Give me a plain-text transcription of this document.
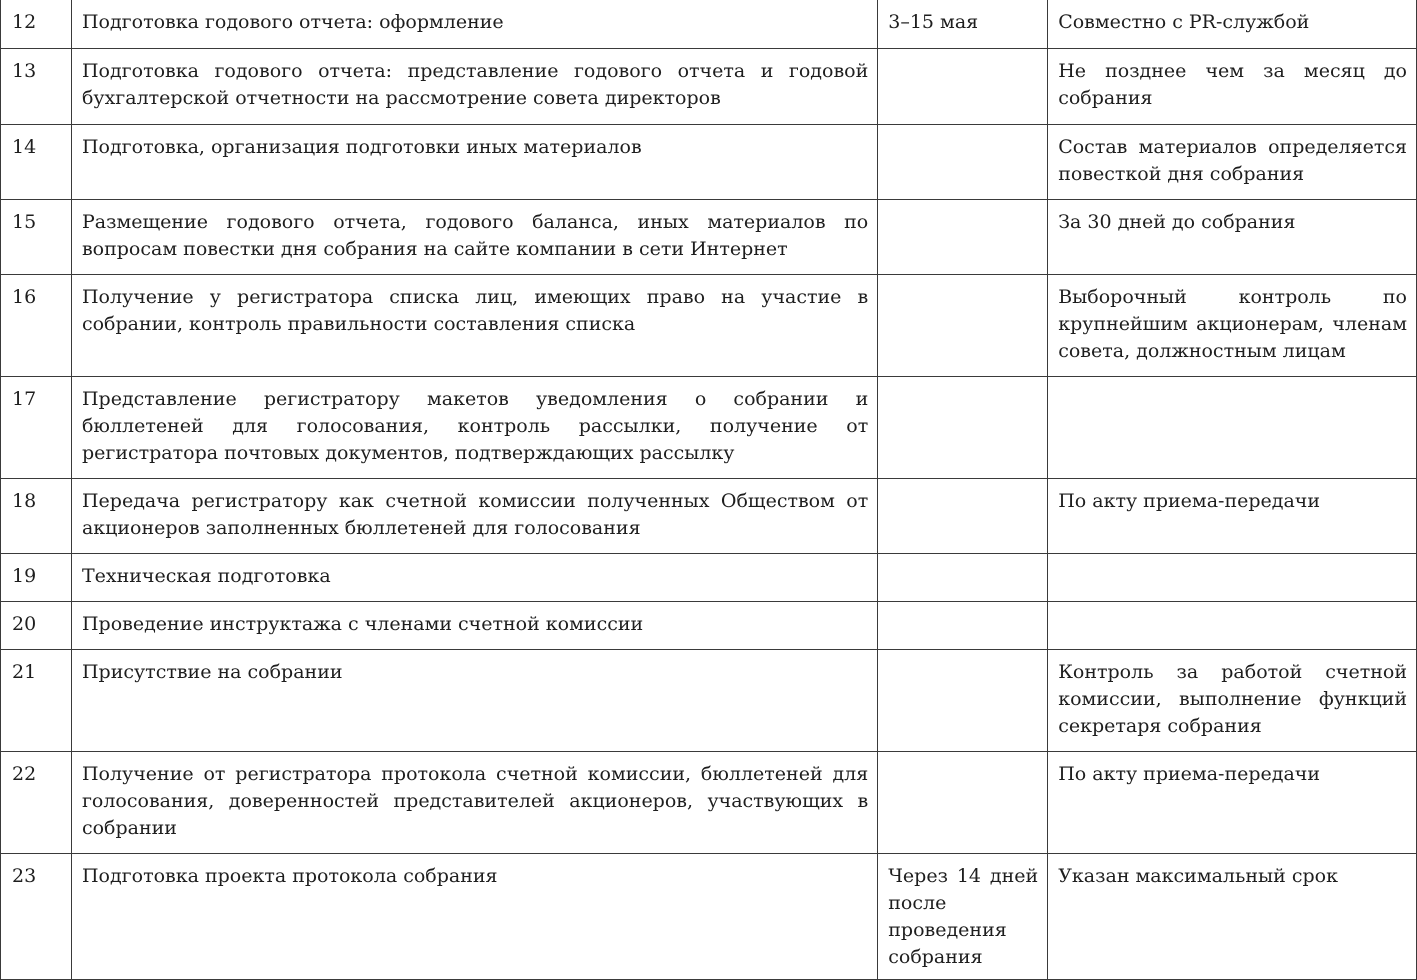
12	Подготовка годового отчета: оформление	3–15 мая	Совместно с PR-службой

13	Подготовка годового отчета: представление годового отчета и годовой бухгалтерской отчетности на рассмотрение совета директоров		Не позднее чем за месяц до собрания

14	Подготовка, организация подготовки иных материалов		Состав материалов определяется повесткой дня собрания

15	Размещение годового отчета, годового баланса, иных материалов по вопросам повестки дня собрания на сайте компании в сети Интернет		За 30 дней до собрания

16	Получение у регистратора списка лиц, имеющих право на участие в собрании, контроль правильности составления списка		Выборочный контроль по крупнейшим акционерам, членам совета, должностным лицам

17	Представление регистратору макетов уведомления о собрании и бюллетеней для голосования, контроль рассылки, получение от регистратора почтовых документов, подтверждающих рассылку		

18	Передача регистратору как счетной комиссии полученных Обществом от акционеров заполненных бюллетеней для голосования		По акту приема-передачи

19	Техническая подготовка		

20	Проведение инструктажа с членами счетной комиссии		

21	Присутствие на собрании		Контроль за работой счетной комиссии, выполнение функций секретаря собрания

22	Получение от регистратора протокола счетной комиссии, бюллетеней для голосования, доверенностей представителей акционеров, участвующих в собрании		По акту приема-передачи

23	Подготовка проекта протокола собрания	Через 14 дней после проведения собрания	Указан максимальный срок
